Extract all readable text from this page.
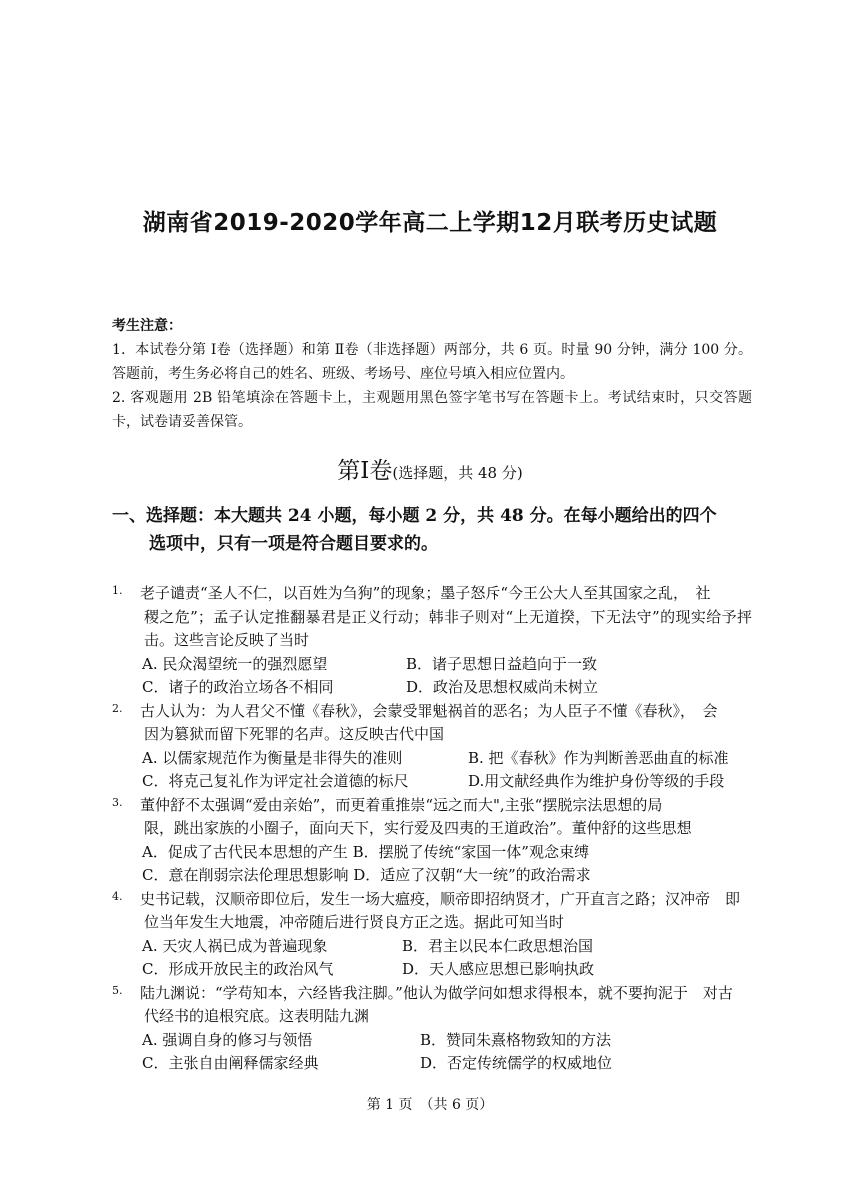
湖南省2019-2020学年高二上学期12月联考历史试题

考生注意：

1．本试卷分第 Ⅰ卷（选择题）和第 Ⅱ卷（非选择题）两部分，共 6 页。时量 90 分钟，满分 100 分。答题前，考生务必将自己的姓名、班级、考场号、座位号填入相应位置内。

2. 客观题用 2B 铅笔填涂在答题卡上，主观题用黑色签字笔书写在答题卡上。考试结束时，只交答题卡，试卷请妥善保管。

第Ⅰ卷(选择题，共 48 分)
一、选择题：本大题共 24 小题，每小题 2 分，共 48 分。在每小题给出的四个
选项中，只有一项是符合题目要求的。
1.	老子谴责“圣人不仁，以百姓为刍狗”的现象；墨子怒斥“今王公大人至其国家之乱，　社
稷之危”；孟子认定推翻暴君是正义行动；韩非子则对“上无道揆，下无法守”的现实给予抨击。这些言论反映了当时
A. 民众渴望统一的强烈愿望	B．诸子思想日益趋向于一致
C．诸子的政治立场各不相同	D．政治及思想权威尚未树立
2.	古人认为：为人君父不懂《春秋》，会蒙受罪魁祸首的恶名；为人臣子不懂《春秋》，　会
因为篡狱而留下死罪的名声。这反映古代中国
A. 以儒家规范作为衡量是非得失的准则	B. 把《春秋》作为判断善恶曲直的标准
C．将克己复礼作为评定社会道德的标尺	D.用文献经典作为维护身份等级的手段
3.	董仲舒不太强调“爱由亲始”，而更着重推崇“远之而大",主张“摆脱宗法思想的局
限，跳出家族的小圈子，面向天下，实行爱及四夷的王道政治”。董仲舒的这些思想
A．促成了古代民本思想的产生 B．摆脱了传统“家国一体”观念束缚
C．意在削弱宗法伦理思想影响 D．适应了汉朝“大一统”的政治需求
4.	史书记载，汉顺帝即位后，发生一场大瘟疫，顺帝即招纳贤才，广开直言之路；汉冲帝　即
位当年发生大地震，冲帝随后进行贤良方正之选。据此可知当时
A. 天灾人祸已成为普遍现象	B．君主以民本仁政思想治国
C．形成开放民主的政治风气	D．天人感应思想已影响执政
5.	陆九渊说：“学苟知本，六经皆我注脚。”他认为做学问如想求得根本，就不要拘泥于　对古
代经书的追根究底。这表明陆九渊
A. 强调自身的修习与领悟	B．赞同朱熹格物致知的方法
C．主张自由阐释儒家经典	D．否定传统儒学的权威地位
第 1 页　（共 6 页）
